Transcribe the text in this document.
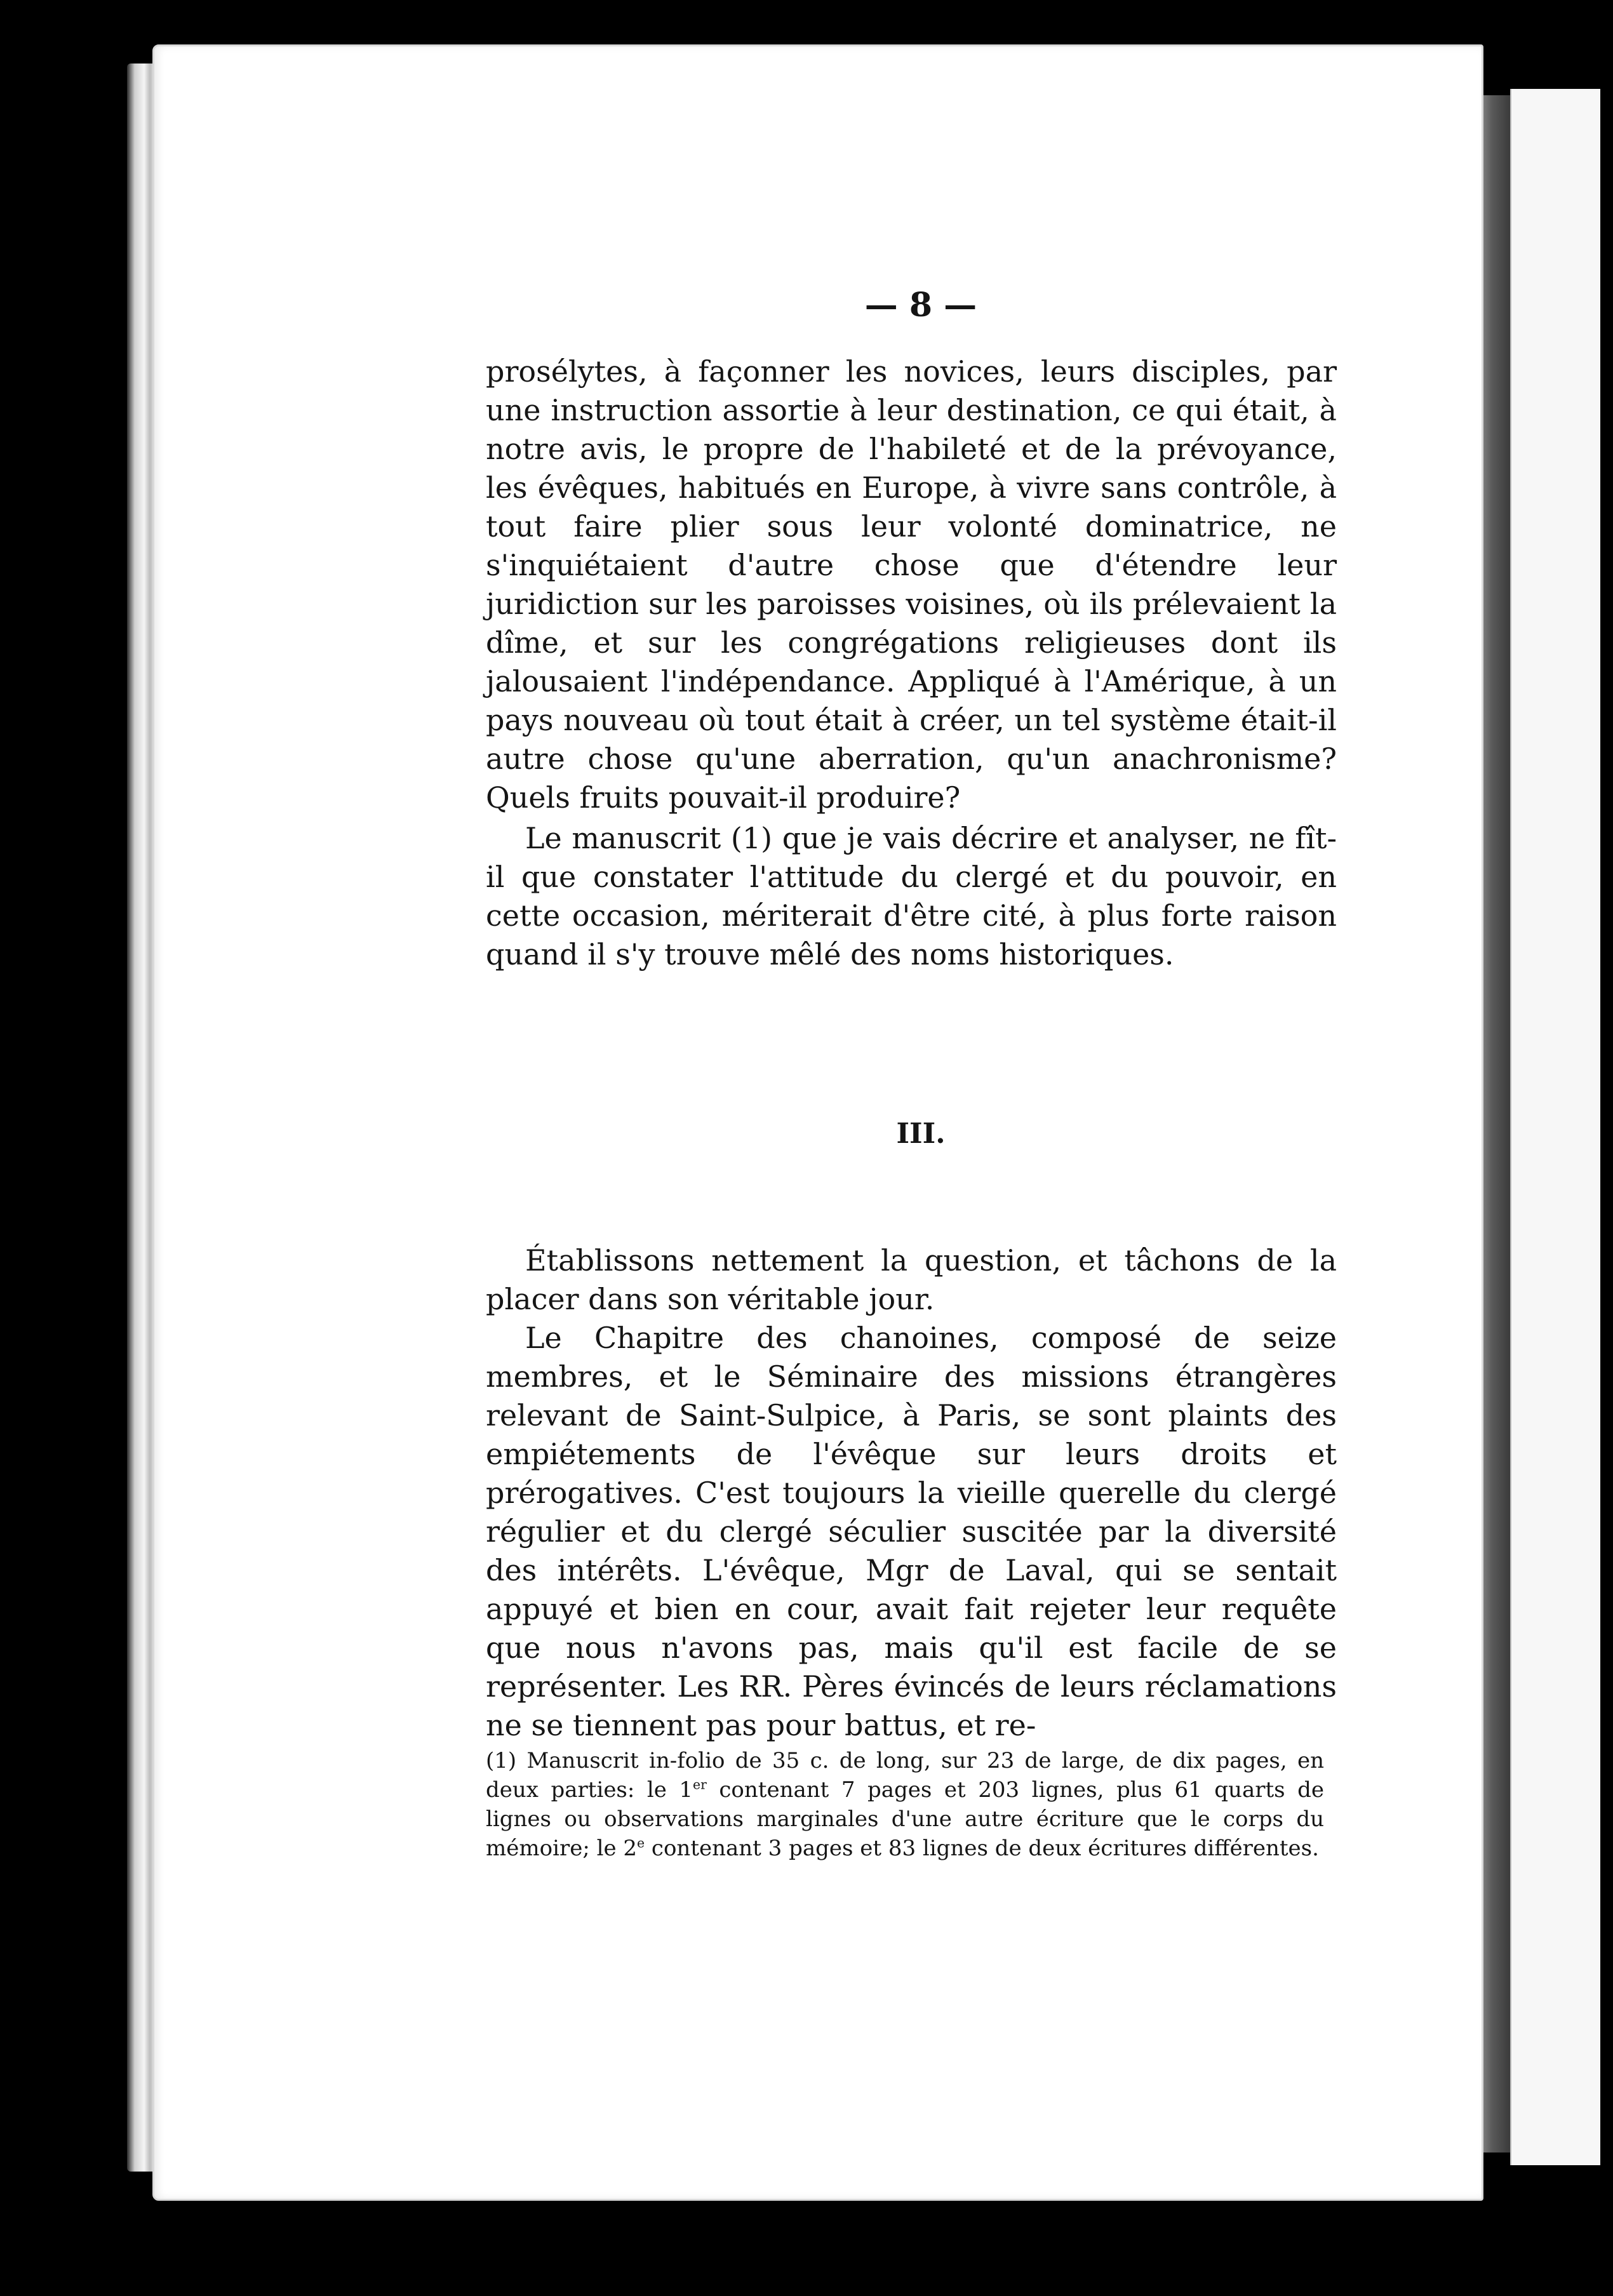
— 8 —

prosélytes, à façonner les novices, leurs disciples, par une instruction assortie à leur destination, ce qui était, à notre avis, le propre de l'habileté et de la prévoyance, les évêques, habitués en Europe, à vivre sans contrôle, à tout faire plier sous leur volonté dominatrice, ne s'inquiétaient d'autre chose que d'étendre leur juridiction sur les paroisses voisines, où ils prélevaient la dîme, et sur les congrégations religieuses dont ils jalousaient l'indépendance. Appliqué à l'Amérique, à un pays nouveau où tout était à créer, un tel système était-il autre chose qu'une aberration, qu'un anachronisme? Quels fruits pouvait-il produire?

Le manuscrit (1) que je vais décrire et analyser, ne fît-il que constater l'attitude du clergé et du pouvoir, en cette occasion, mériterait d'être cité, à plus forte raison quand il s'y trouve mêlé des noms historiques.

III.

Établissons nettement la question, et tâchons de la placer dans son véritable jour.

Le Chapitre des chanoines, composé de seize membres, et le Séminaire des missions étrangères relevant de Saint-Sulpice, à Paris, se sont plaints des empiétements de l'évêque sur leurs droits et prérogatives. C'est toujours la vieille querelle du clergé régulier et du clergé séculier suscitée par la diversité des intérêts. L'évêque, Mgr de Laval, qui se sentait appuyé et bien en cour, avait fait rejeter leur requête que nous n'avons pas, mais qu'il est facile de se représenter. Les RR. Pères évincés de leurs réclamations ne se tiennent pas pour battus, et re-

(1) Manuscrit in-folio de 35 c. de long, sur 23 de large, de dix pages, en deux parties: le 1er contenant 7 pages et 203 lignes, plus 61 quarts de lignes ou observations marginales d'une autre écriture que le corps du mémoire; le 2e contenant 3 pages et 83 lignes de deux écritures différentes.
